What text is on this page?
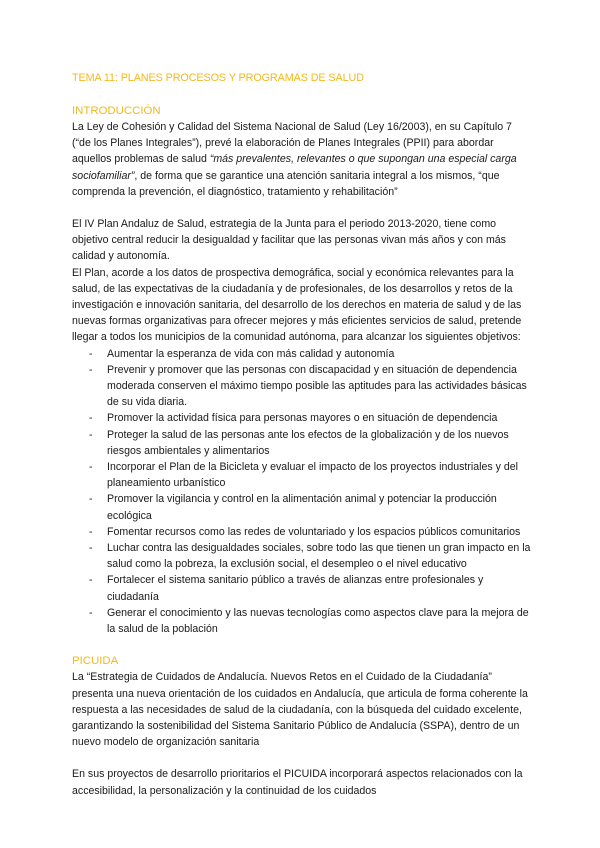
TEMA 11: PLANES PROCESOS Y PROGRAMAS DE SALUD
INTRODUCCIÓN

La Ley de Cohesión y Calidad del Sistema Nacional de Salud (Ley 16/2003), en su Capítulo 7 (“de los Planes Integrales”), prevé la elaboración de Planes Integrales (PPII) para abordar aquellos problemas de salud “más prevalentes, relevantes o que supongan una especial carga sociofamiliar”, de forma que se garantice una atención sanitaria integral a los mismos, “que comprenda la prevención, el diagnóstico, tratamiento y rehabilitación”

El IV Plan Andaluz de Salud, estrategia de la Junta para el periodo 2013-2020, tiene como objetivo central reducir la desigualdad y facilitar que las personas vivan más años y con más calidad y autonomía.

El Plan, acorde a los datos de prospectiva demográfica, social y económica relevantes para la salud, de las expectativas de la ciudadanía y de profesionales, de los desarrollos y retos de la investigación e innovación sanitaria, del desarrollo de los derechos en materia de salud y de las nuevas formas organizativas para ofrecer mejores y más eficientes servicios de salud, pretende llegar a todos los municipios de la comunidad autónoma, para alcanzar los siguientes objetivos:

- Aumentar la esperanza de vida con más calidad y autonomía
- Prevenir y promover que las personas con discapacidad y en situación de dependencia moderada conserven el máximo tiempo posible las aptitudes para las actividades básicas de su vida diaria.
- Promover la actividad física para personas mayores o en situación de dependencia
- Proteger la salud de las personas ante los efectos de la globalización y de los nuevos riesgos ambientales y alimentarios
- Incorporar el Plan de la Bicicleta y evaluar el impacto de los proyectos industriales y del planeamiento urbanístico
- Promover la vigilancia y control en la alimentación animal y potenciar la producción ecológica
- Fomentar recursos como las redes de voluntariado y los espacios públicos comunitarios
- Luchar contra las desigualdades sociales, sobre todo las que tienen un gran impacto en la salud como la pobreza, la exclusión social, el desempleo o el nivel educativo
- Fortalecer el sistema sanitario público a través de alianzas entre profesionales y ciudadanía
- Generar el conocimiento y las nuevas tecnologías como aspectos clave para la mejora de la salud de la población
PICUIDA

La “Estrategia de Cuidados de Andalucía. Nuevos Retos en el Cuidado de la Ciudadanía” presenta una nueva orientación de los cuidados en Andalucía, que articula de forma coherente la respuesta a las necesidades de salud de la ciudadanía, con la búsqueda del cuidado excelente, garantizando la sostenibilidad del Sistema Sanitario Público de Andalucía (SSPA), dentro de un nuevo modelo de organización sanitaria

En sus proyectos de desarrollo prioritarios el PICUIDA incorporará aspectos relacionados con la accesibilidad, la personalización y la continuidad de los cuidados
